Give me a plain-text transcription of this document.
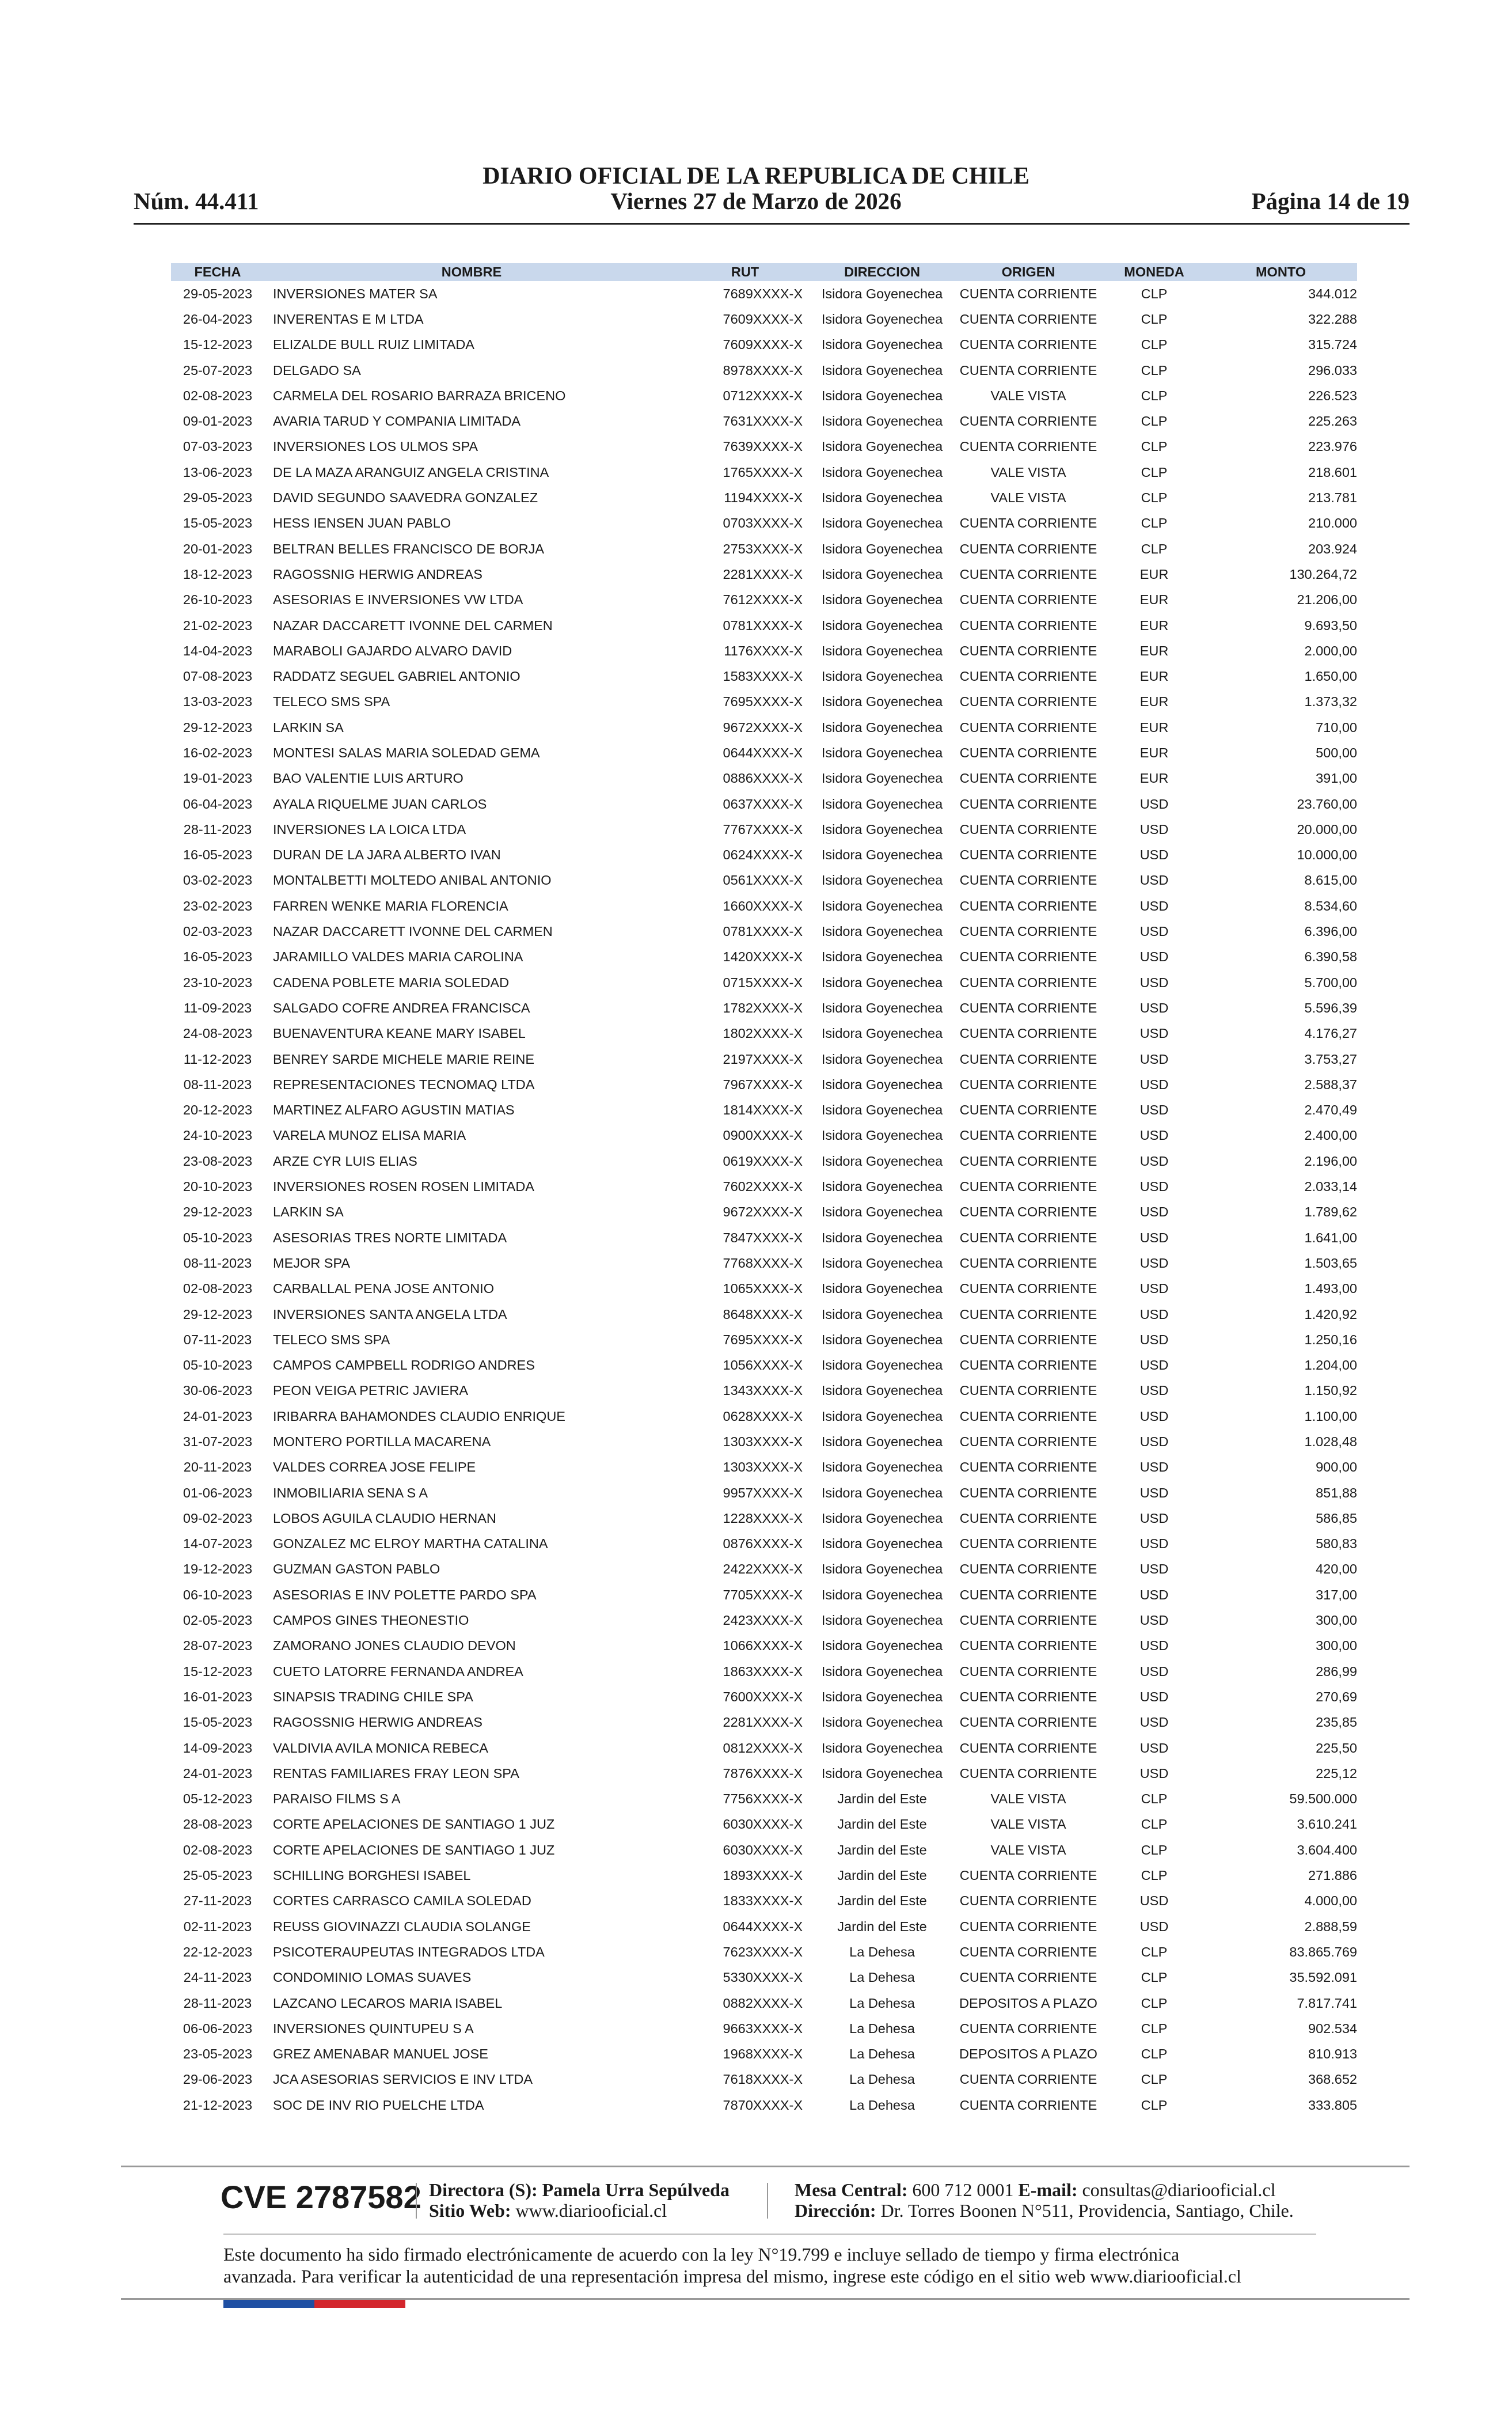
DIARIO OFICIAL DE LA REPUBLICA DE CHILE
Núm. 44.411	Viernes 27 de Marzo de 2026	Página 14 de 19
FECHA	NOMBRE	RUT	DIRECCION	ORIGEN	MONEDA	MONTO
29-05-2023	INVERSIONES MATER SA	7689XXXX-X	Isidora Goyenechea	CUENTA CORRIENTE	CLP	344.012
26-04-2023	INVERENTAS E M LTDA	7609XXXX-X	Isidora Goyenechea	CUENTA CORRIENTE	CLP	322.288
15-12-2023	ELIZALDE BULL RUIZ LIMITADA	7609XXXX-X	Isidora Goyenechea	CUENTA CORRIENTE	CLP	315.724
25-07-2023	DELGADO SA	8978XXXX-X	Isidora Goyenechea	CUENTA CORRIENTE	CLP	296.033
02-08-2023	CARMELA DEL ROSARIO BARRAZA BRICENO	0712XXXX-X	Isidora Goyenechea	VALE VISTA	CLP	226.523
09-01-2023	AVARIA TARUD Y COMPANIA LIMITADA	7631XXXX-X	Isidora Goyenechea	CUENTA CORRIENTE	CLP	225.263
07-03-2023	INVERSIONES LOS ULMOS SPA	7639XXXX-X	Isidora Goyenechea	CUENTA CORRIENTE	CLP	223.976
13-06-2023	DE LA MAZA ARANGUIZ ANGELA CRISTINA	1765XXXX-X	Isidora Goyenechea	VALE VISTA	CLP	218.601
29-05-2023	DAVID SEGUNDO SAAVEDRA GONZALEZ	1194XXXX-X	Isidora Goyenechea	VALE VISTA	CLP	213.781
15-05-2023	HESS IENSEN JUAN PABLO	0703XXXX-X	Isidora Goyenechea	CUENTA CORRIENTE	CLP	210.000
20-01-2023	BELTRAN BELLES FRANCISCO DE BORJA	2753XXXX-X	Isidora Goyenechea	CUENTA CORRIENTE	CLP	203.924
18-12-2023	RAGOSSNIG HERWIG ANDREAS	2281XXXX-X	Isidora Goyenechea	CUENTA CORRIENTE	EUR	130.264,72
26-10-2023	ASESORIAS E INVERSIONES VW LTDA	7612XXXX-X	Isidora Goyenechea	CUENTA CORRIENTE	EUR	21.206,00
21-02-2023	NAZAR DACCARETT IVONNE DEL CARMEN	0781XXXX-X	Isidora Goyenechea	CUENTA CORRIENTE	EUR	9.693,50
14-04-2023	MARABOLI GAJARDO ALVARO DAVID	1176XXXX-X	Isidora Goyenechea	CUENTA CORRIENTE	EUR	2.000,00
07-08-2023	RADDATZ SEGUEL GABRIEL ANTONIO	1583XXXX-X	Isidora Goyenechea	CUENTA CORRIENTE	EUR	1.650,00
13-03-2023	TELECO SMS SPA	7695XXXX-X	Isidora Goyenechea	CUENTA CORRIENTE	EUR	1.373,32
29-12-2023	LARKIN SA	9672XXXX-X	Isidora Goyenechea	CUENTA CORRIENTE	EUR	710,00
16-02-2023	MONTESI SALAS MARIA SOLEDAD GEMA	0644XXXX-X	Isidora Goyenechea	CUENTA CORRIENTE	EUR	500,00
19-01-2023	BAO VALENTIE LUIS ARTURO	0886XXXX-X	Isidora Goyenechea	CUENTA CORRIENTE	EUR	391,00
06-04-2023	AYALA RIQUELME JUAN CARLOS	0637XXXX-X	Isidora Goyenechea	CUENTA CORRIENTE	USD	23.760,00
28-11-2023	INVERSIONES LA LOICA LTDA	7767XXXX-X	Isidora Goyenechea	CUENTA CORRIENTE	USD	20.000,00
16-05-2023	DURAN DE LA JARA ALBERTO IVAN	0624XXXX-X	Isidora Goyenechea	CUENTA CORRIENTE	USD	10.000,00
03-02-2023	MONTALBETTI MOLTEDO ANIBAL ANTONIO	0561XXXX-X	Isidora Goyenechea	CUENTA CORRIENTE	USD	8.615,00
23-02-2023	FARREN WENKE MARIA FLORENCIA	1660XXXX-X	Isidora Goyenechea	CUENTA CORRIENTE	USD	8.534,60
02-03-2023	NAZAR DACCARETT IVONNE DEL CARMEN	0781XXXX-X	Isidora Goyenechea	CUENTA CORRIENTE	USD	6.396,00
16-05-2023	JARAMILLO VALDES MARIA CAROLINA	1420XXXX-X	Isidora Goyenechea	CUENTA CORRIENTE	USD	6.390,58
23-10-2023	CADENA POBLETE MARIA SOLEDAD	0715XXXX-X	Isidora Goyenechea	CUENTA CORRIENTE	USD	5.700,00
11-09-2023	SALGADO COFRE ANDREA FRANCISCA	1782XXXX-X	Isidora Goyenechea	CUENTA CORRIENTE	USD	5.596,39
24-08-2023	BUENAVENTURA KEANE MARY ISABEL	1802XXXX-X	Isidora Goyenechea	CUENTA CORRIENTE	USD	4.176,27
11-12-2023	BENREY SARDE MICHELE MARIE REINE	2197XXXX-X	Isidora Goyenechea	CUENTA CORRIENTE	USD	3.753,27
08-11-2023	REPRESENTACIONES TECNOMAQ LTDA	7967XXXX-X	Isidora Goyenechea	CUENTA CORRIENTE	USD	2.588,37
20-12-2023	MARTINEZ ALFARO AGUSTIN MATIAS	1814XXXX-X	Isidora Goyenechea	CUENTA CORRIENTE	USD	2.470,49
24-10-2023	VARELA MUNOZ ELISA MARIA	0900XXXX-X	Isidora Goyenechea	CUENTA CORRIENTE	USD	2.400,00
23-08-2023	ARZE CYR LUIS ELIAS	0619XXXX-X	Isidora Goyenechea	CUENTA CORRIENTE	USD	2.196,00
20-10-2023	INVERSIONES ROSEN ROSEN LIMITADA	7602XXXX-X	Isidora Goyenechea	CUENTA CORRIENTE	USD	2.033,14
29-12-2023	LARKIN SA	9672XXXX-X	Isidora Goyenechea	CUENTA CORRIENTE	USD	1.789,62
05-10-2023	ASESORIAS TRES NORTE LIMITADA	7847XXXX-X	Isidora Goyenechea	CUENTA CORRIENTE	USD	1.641,00
08-11-2023	MEJOR SPA	7768XXXX-X	Isidora Goyenechea	CUENTA CORRIENTE	USD	1.503,65
02-08-2023	CARBALLAL PENA JOSE ANTONIO	1065XXXX-X	Isidora Goyenechea	CUENTA CORRIENTE	USD	1.493,00
29-12-2023	INVERSIONES SANTA ANGELA LTDA	8648XXXX-X	Isidora Goyenechea	CUENTA CORRIENTE	USD	1.420,92
07-11-2023	TELECO SMS SPA	7695XXXX-X	Isidora Goyenechea	CUENTA CORRIENTE	USD	1.250,16
05-10-2023	CAMPOS CAMPBELL RODRIGO ANDRES	1056XXXX-X	Isidora Goyenechea	CUENTA CORRIENTE	USD	1.204,00
30-06-2023	PEON VEIGA PETRIC JAVIERA	1343XXXX-X	Isidora Goyenechea	CUENTA CORRIENTE	USD	1.150,92
24-01-2023	IRIBARRA BAHAMONDES CLAUDIO ENRIQUE	0628XXXX-X	Isidora Goyenechea	CUENTA CORRIENTE	USD	1.100,00
31-07-2023	MONTERO PORTILLA MACARENA	1303XXXX-X	Isidora Goyenechea	CUENTA CORRIENTE	USD	1.028,48
20-11-2023	VALDES CORREA JOSE FELIPE	1303XXXX-X	Isidora Goyenechea	CUENTA CORRIENTE	USD	900,00
01-06-2023	INMOBILIARIA SENA S A	9957XXXX-X	Isidora Goyenechea	CUENTA CORRIENTE	USD	851,88
09-02-2023	LOBOS AGUILA CLAUDIO HERNAN	1228XXXX-X	Isidora Goyenechea	CUENTA CORRIENTE	USD	586,85
14-07-2023	GONZALEZ MC ELROY MARTHA CATALINA	0876XXXX-X	Isidora Goyenechea	CUENTA CORRIENTE	USD	580,83
19-12-2023	GUZMAN GASTON PABLO	2422XXXX-X	Isidora Goyenechea	CUENTA CORRIENTE	USD	420,00
06-10-2023	ASESORIAS E INV POLETTE PARDO SPA	7705XXXX-X	Isidora Goyenechea	CUENTA CORRIENTE	USD	317,00
02-05-2023	CAMPOS GINES THEONESTIO	2423XXXX-X	Isidora Goyenechea	CUENTA CORRIENTE	USD	300,00
28-07-2023	ZAMORANO JONES CLAUDIO DEVON	1066XXXX-X	Isidora Goyenechea	CUENTA CORRIENTE	USD	300,00
15-12-2023	CUETO LATORRE FERNANDA ANDREA	1863XXXX-X	Isidora Goyenechea	CUENTA CORRIENTE	USD	286,99
16-01-2023	SINAPSIS TRADING CHILE SPA	7600XXXX-X	Isidora Goyenechea	CUENTA CORRIENTE	USD	270,69
15-05-2023	RAGOSSNIG HERWIG ANDREAS	2281XXXX-X	Isidora Goyenechea	CUENTA CORRIENTE	USD	235,85
14-09-2023	VALDIVIA AVILA MONICA REBECA	0812XXXX-X	Isidora Goyenechea	CUENTA CORRIENTE	USD	225,50
24-01-2023	RENTAS FAMILIARES FRAY LEON SPA	7876XXXX-X	Isidora Goyenechea	CUENTA CORRIENTE	USD	225,12
05-12-2023	PARAISO FILMS S A	7756XXXX-X	Jardin del Este	VALE VISTA	CLP	59.500.000
28-08-2023	CORTE APELACIONES DE SANTIAGO 1 JUZ	6030XXXX-X	Jardin del Este	VALE VISTA	CLP	3.610.241
02-08-2023	CORTE APELACIONES DE SANTIAGO 1 JUZ	6030XXXX-X	Jardin del Este	VALE VISTA	CLP	3.604.400
25-05-2023	SCHILLING BORGHESI ISABEL	1893XXXX-X	Jardin del Este	CUENTA CORRIENTE	CLP	271.886
27-11-2023	CORTES CARRASCO CAMILA SOLEDAD	1833XXXX-X	Jardin del Este	CUENTA CORRIENTE	USD	4.000,00
02-11-2023	REUSS GIOVINAZZI CLAUDIA SOLANGE	0644XXXX-X	Jardin del Este	CUENTA CORRIENTE	USD	2.888,59
22-12-2023	PSICOTERAUPEUTAS INTEGRADOS LTDA	7623XXXX-X	La Dehesa	CUENTA CORRIENTE	CLP	83.865.769
24-11-2023	CONDOMINIO LOMAS SUAVES	5330XXXX-X	La Dehesa	CUENTA CORRIENTE	CLP	35.592.091
28-11-2023	LAZCANO LECAROS MARIA ISABEL	0882XXXX-X	La Dehesa	DEPOSITOS A PLAZO	CLP	7.817.741
06-06-2023	INVERSIONES QUINTUPEU S A	9663XXXX-X	La Dehesa	CUENTA CORRIENTE	CLP	902.534
23-05-2023	GREZ AMENABAR MANUEL JOSE	1968XXXX-X	La Dehesa	DEPOSITOS A PLAZO	CLP	810.913
29-06-2023	JCA ASESORIAS SERVICIOS E INV LTDA	7618XXXX-X	La Dehesa	CUENTA CORRIENTE	CLP	368.652
21-12-2023	SOC DE INV RIO PUELCHE LTDA	7870XXXX-X	La Dehesa	CUENTA CORRIENTE	CLP	333.805
CVE 2787582 Directora (S): Pamela Urra Sepúlveda
Sitio Web: www.diariooficial.cl
Mesa Central: 600 712 0001 E-mail: consultas@diariooficial.cl
Dirección: Dr. Torres Boonen N°511, Providencia, Santiago, Chile.
Este documento ha sido firmado electrónicamente de acuerdo con la ley N°19.799 e incluye sellado de tiempo y firma electrónica
avanzada. Para verificar la autenticidad de una representación impresa del mismo, ingrese este código en el sitio web www.diariooficial.cl
